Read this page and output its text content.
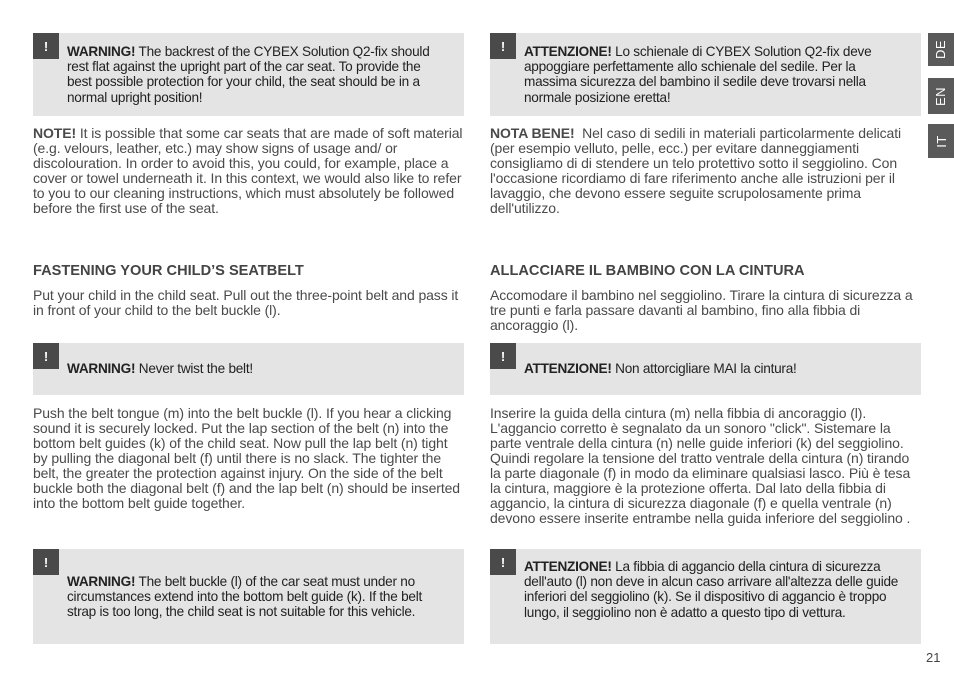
!	WARNING! The backrest of the CYBEX Solution Q2-fix should rest flat against the upright part of the car seat. To provide the best possible protection for your child, the seat should be in a normal upright position!
NOTE! It is possible that some car seats that are made of soft material (e.g. velours, leather, etc.) may show signs of usage and/ or discolouration. In order to avoid this, you could, for example, place a cover or towel underneath it. In this context, we would also like to refer to you to our cleaning instructions, which must absolutely be followed before the first use of the seat.
FASTENING YOUR CHILD’S SEATBELT
Put your child in the child seat. Pull out the three-point belt and pass it in front of your child to the belt buckle (l).
!
WARNING! Never twist the belt!
Push the belt tongue (m) into the belt buckle (l). If you hear a clicking sound it is securely locked. Put the lap section of the belt (n) into the bottom belt guides (k) of the child seat. Now pull the lap belt (n) tight by pulling the diagonal belt (f) until there is no slack. The tighter the belt, the greater the protection against injury. On the side of the belt buckle both the diagonal belt (f) and the lap belt (n) should be inserted into the bottom belt guide together.
!
WARNING! The belt buckle (l) of the car seat must under no circumstances extend into the bottom belt guide (k). If the belt strap is too long, the child seat is not suitable for this vehicle.
!	ATTENZIONE! Lo schienale di CYBEX Solution Q2-fix deve appoggiare perfettamente allo schienale del sedile. Per la massima sicurezza del bambino il sedile deve trovarsi nella normale posizione eretta!
NOTA BENE! Nel caso di sedili in materiali particolarmente delicati (per esempio velluto, pelle, ecc.) per evitare danneggiamenti consigliamo di di stendere un telo protettivo sotto il seggiolino. Con l'occasione ricordiamo di fare riferimento anche alle istruzioni per il lavaggio, che devono essere seguite scrupolosamente prima dell'utilizzo.
ALLACCIARE IL BAMBINO CON LA CINTURA
Accomodare il bambino nel seggiolino. Tirare la cintura di sicurezza a tre punti e farla passare davanti al bambino, fino alla fibbia di ancoraggio (l).
!
ATTENZIONE! Non attorcigliare MAI la cintura!
Inserire la guida della cintura (m) nella fibbia di ancoraggio (l). L'aggancio corretto è segnalato da un sonoro "click". Sistemare la parte ventrale della cintura (n) nelle guide inferiori (k) del seggiolino. Quindi regolare la tensione del tratto ventrale della cintura (n) tirando la parte diagonale (f) in modo da eliminare qualsiasi lasco. Più è tesa la cintura, maggiore è la protezione offerta. Dal lato della fibbia di aggancio, la cintura di sicurezza diagonale (f) e quella ventrale (n) devono essere inserite entrambe nella guida inferiore del seggiolino .
!	ATTENZIONE! La fibbia di aggancio della cintura di sicurezza dell'auto (l) non deve in alcun caso arrivare all'altezza delle guide inferiori del seggiolino (k). Se il dispositivo di aggancio è troppo lungo, il seggiolino non è adatto a questo tipo di vettura.
DE
EN
IT
21
